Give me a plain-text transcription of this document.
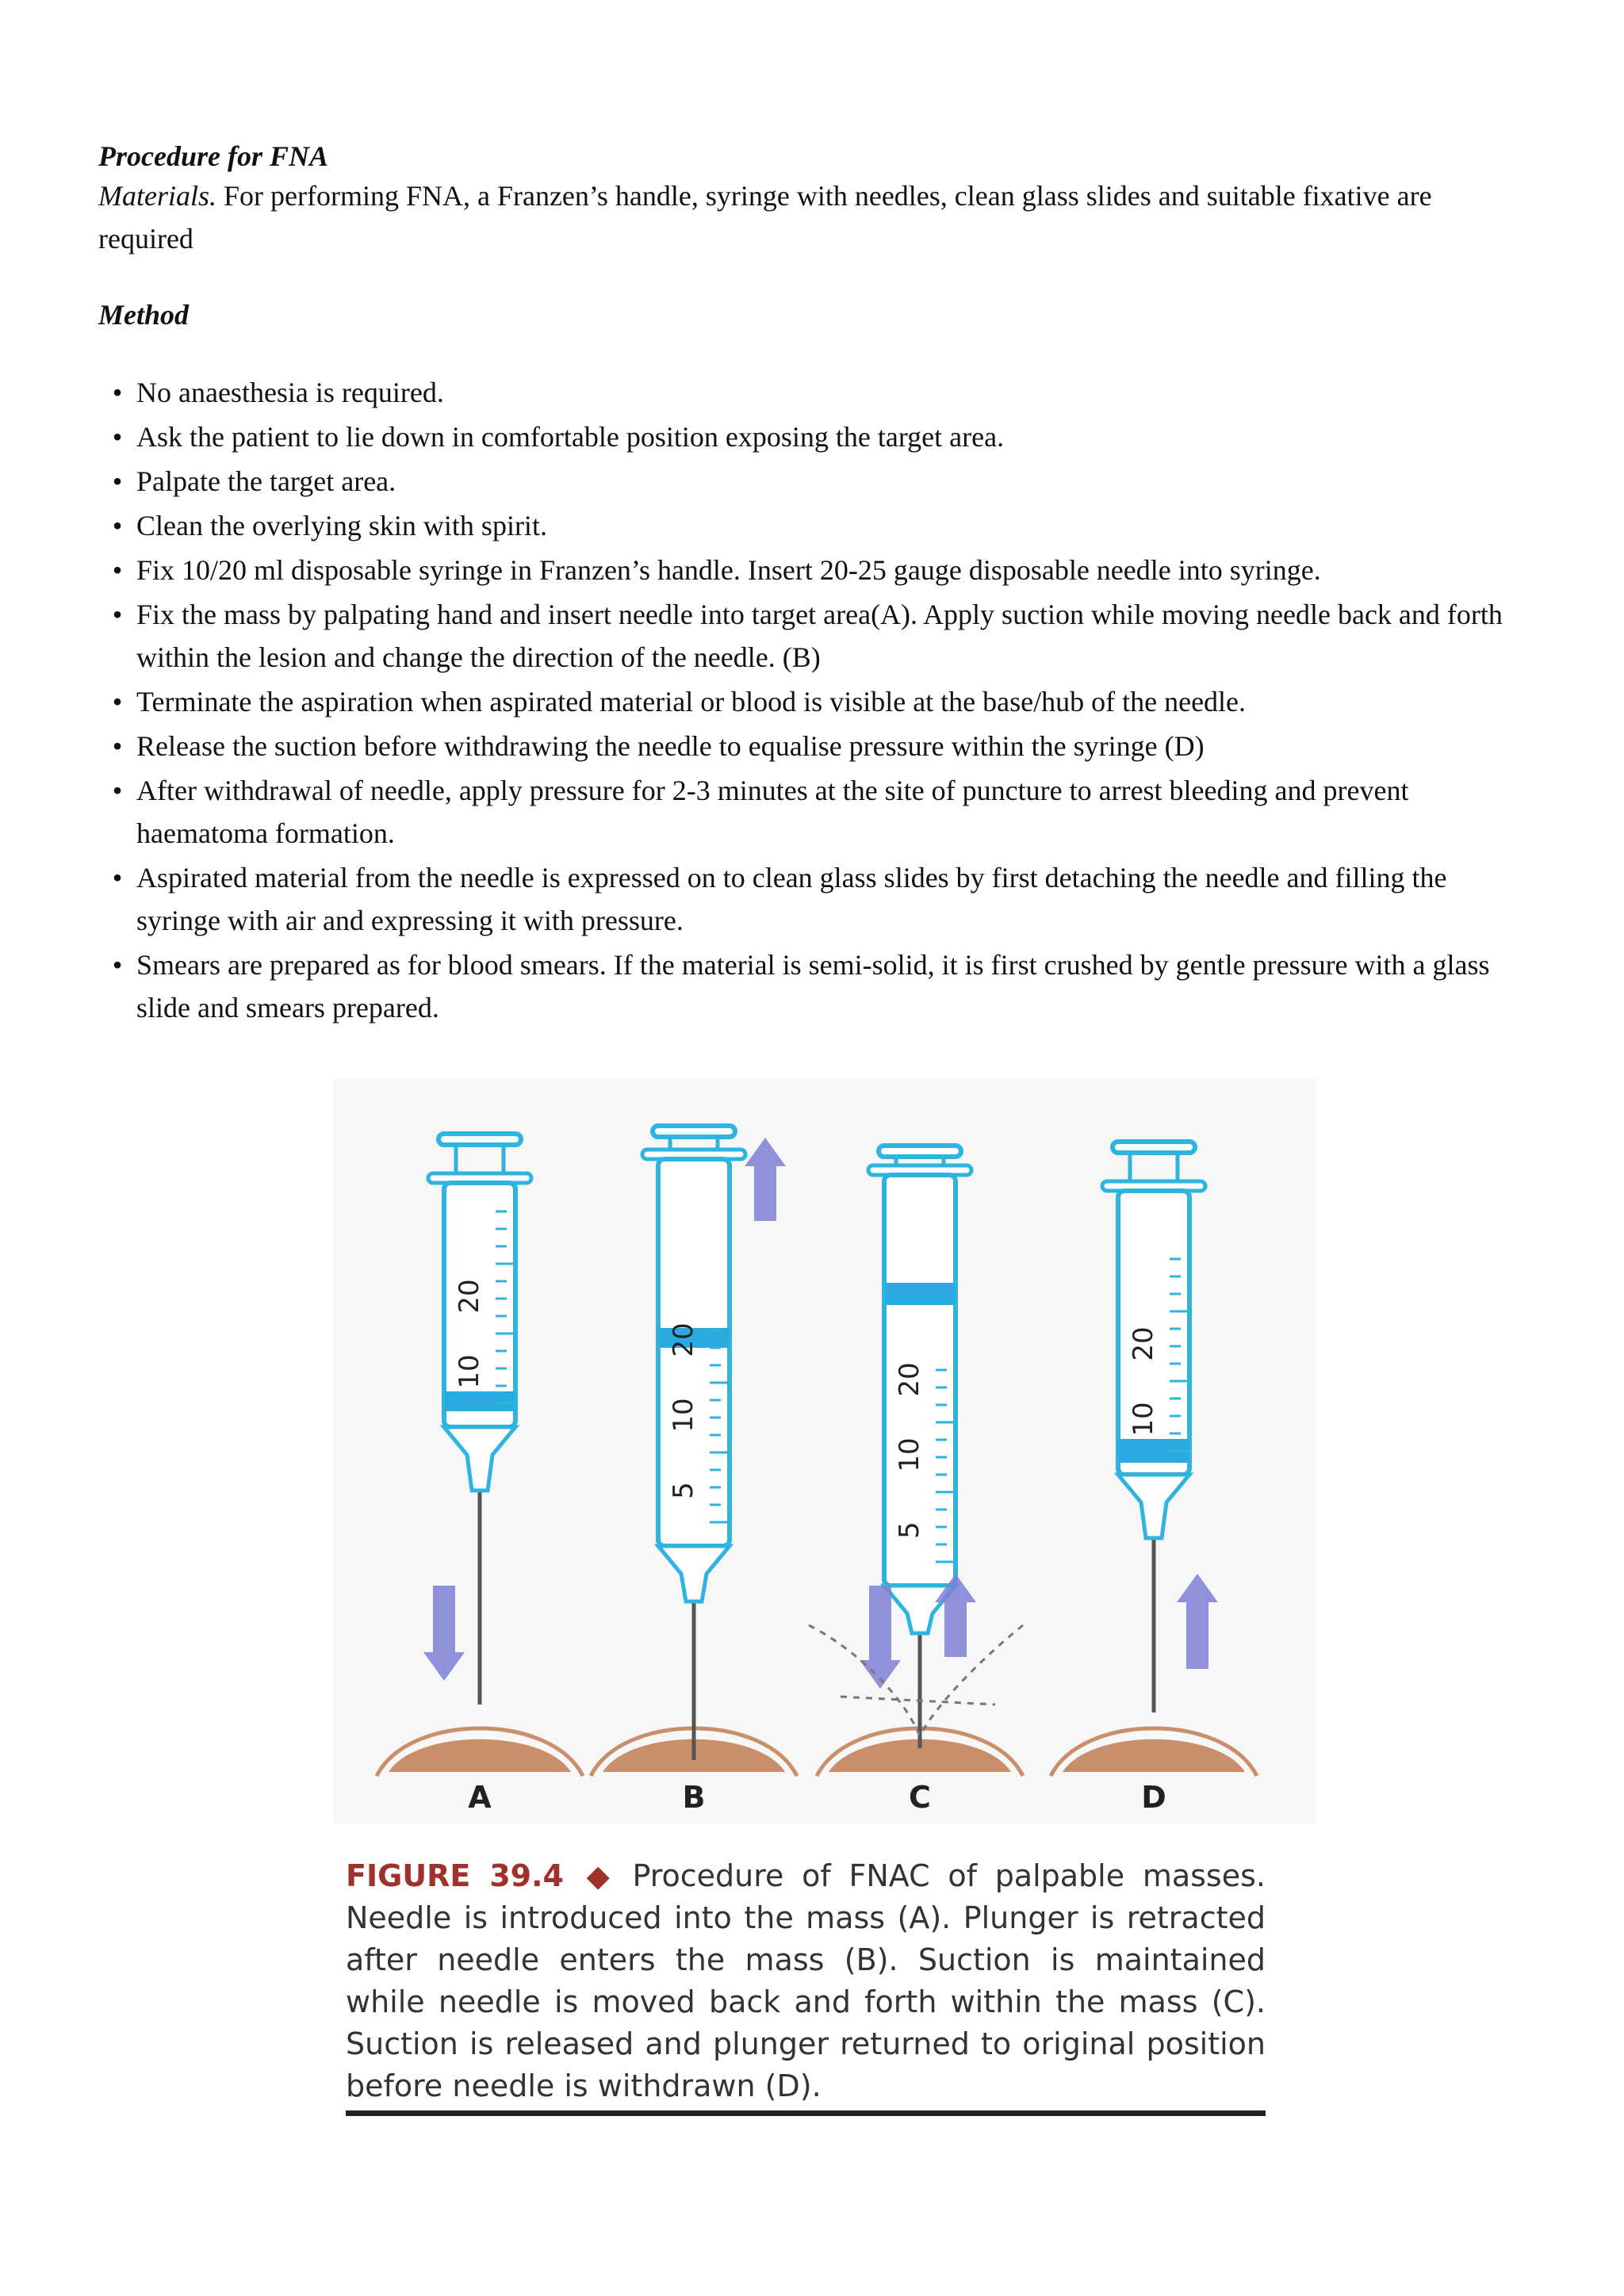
Procedure for FNA
Materials. For performing FNA, a Franzen’s handle, syringe with needles, clean glass slides and suitable fixative are required
Method
• No anaesthesia is required.
• Ask the patient to lie down in comfortable position exposing the target area.
• Palpate the target area.
• Clean the overlying skin with spirit.
• Fix 10/20 ml disposable syringe in Franzen’s handle. Insert 20-25 gauge disposable needle into syringe.
• Fix the mass by palpating hand and insert needle into target area(A). Apply suction while moving needle back and forth within the lesion and change the direction of the needle. (B)
• Terminate the aspiration when aspirated material or blood is visible at the base/hub of the needle.
• Release the suction before withdrawing the needle to equalise pressure within the syringe (D)
• After withdrawal of needle, apply pressure for 2-3 minutes at the site of puncture to arrest bleeding and prevent haematoma formation.
• Aspirated material from the needle is expressed on to clean glass slides by first detaching the needle and filling the syringe with air and expressing it with pressure.
• Smears are prepared as for blood smears. If the material is semi-solid, it is first crushed by gentle pressure with a glass slide and smears prepared.
10
20
A
5
10
20
B
5
10
20
C
10
20
D
FIGURE 39.4 ◆ Procedure of FNAC of palpable masses. Needle is introduced into the mass (A). Plunger is retracted after needle enters the mass (B). Suction is maintained while needle is moved back and forth within the mass (C). Suction is released and plunger returned to original position before needle is withdrawn (D).
